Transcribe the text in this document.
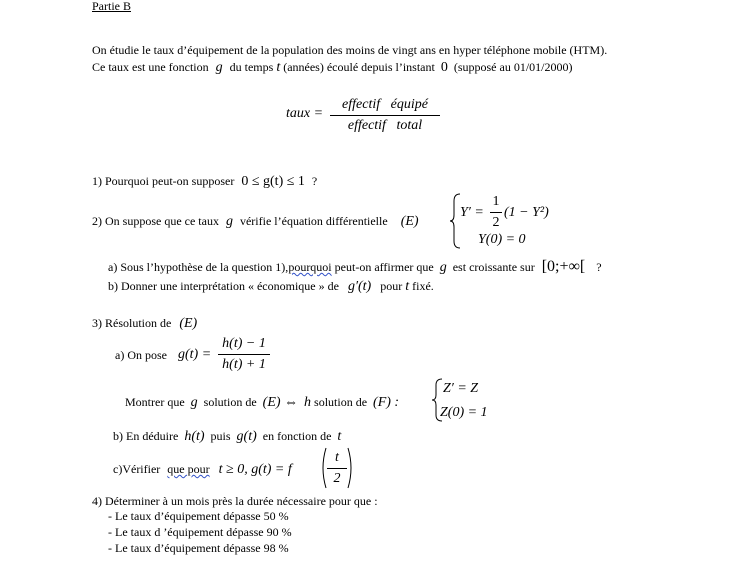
Partie B
On étudie le taux d’équipement de la population des moins de vingt ans en hyper téléphone mobile (HTM).
Ce taux est une fonction g du temps t (années) écoulé depuis l’instant 0 (supposé au 01/01/2000)
taux =
effectif équipé
effectif total
1) Pourquoi peut-on supposer 0 ≤ g(t) ≤ 1 ?
2) On suppose que ce taux g vérifie l’équation différentielle (E)
Y′ =
1
2
(1 − Y²)
Y(0) = 0
a) Sous l’hypothèse de la question 1),pourquoi peut-on affirmer que g est croissante sur [0;+∞[ ?
b) Donner une interprétation « économique » de g′(t) pour t fixé.
3) Résolution de (E)
a) On pose g(t) =
h(t) − 1
h(t) + 1
Montrer que g solution de (E) ⇔ h solution de (F) :
Z′ = Z
Z(0) = 1
b) En déduire h(t) puis g(t) en fonction de t
c)Vérifier que pour t ≥ 0, g(t) = f
t
2
4) Déterminer à un mois près la durée nécessaire pour que :
- Le taux d’équipement dépasse 50 %
- Le taux d ’équipement dépasse 90 %
- Le taux d’équipement dépasse 98 %
